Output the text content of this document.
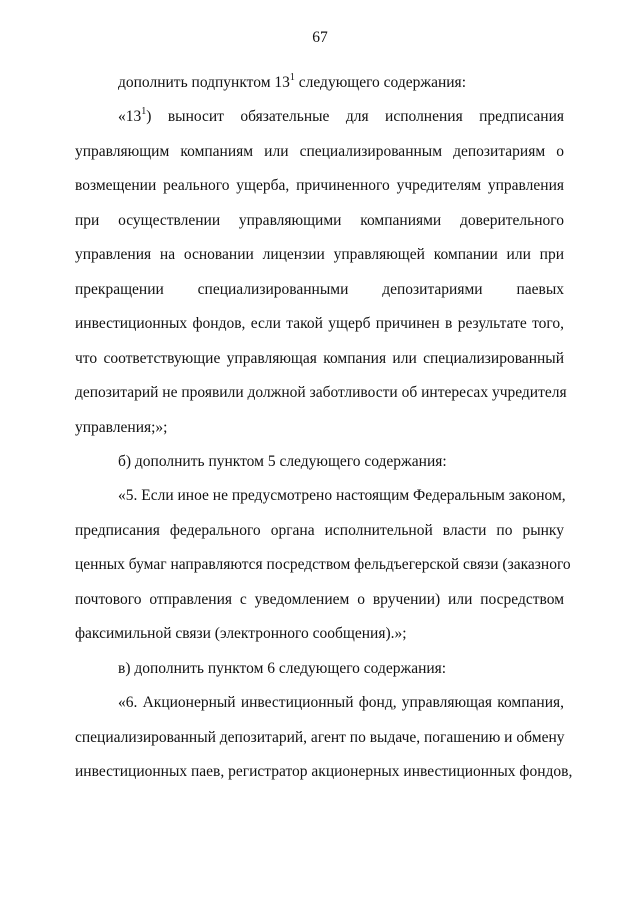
67
дополнить подпунктом $13^1$ следующего содержания:
«$13^1$) выносит обязательные для исполнения предписания
управляющим компаниям или специализированным депозитариям о
возмещении реального ущерба, причиненного учредителям управления
при осуществлении управляющими компаниями доверительного
управления на основании лицензии управляющей компании или при
прекращении специализированными депозитариями паевых
инвестиционных фондов, если такой ущерб причинен в результате того,
что соответствующие управляющая компания или специализированный
депозитарий не проявили должной заботливости об интересах учредителя
управления;»;
б) дополнить пунктом 5 следующего содержания:
«5. Если иное не предусмотрено настоящим Федеральным законом,
предписания федерального органа исполнительной власти по рынку
ценных бумаг направляются посредством фельдъегерской связи (заказного
почтового отправления с уведомлением о вручении) или посредством
факсимильной связи (электронного сообщения).»;
в) дополнить пунктом 6 следующего содержания:
«6. Акционерный инвестиционный фонд, управляющая компания,
специализированный депозитарий, агент по выдаче, погашению и обмену
инвестиционных паев, регистратор акционерных инвестиционных фондов,
